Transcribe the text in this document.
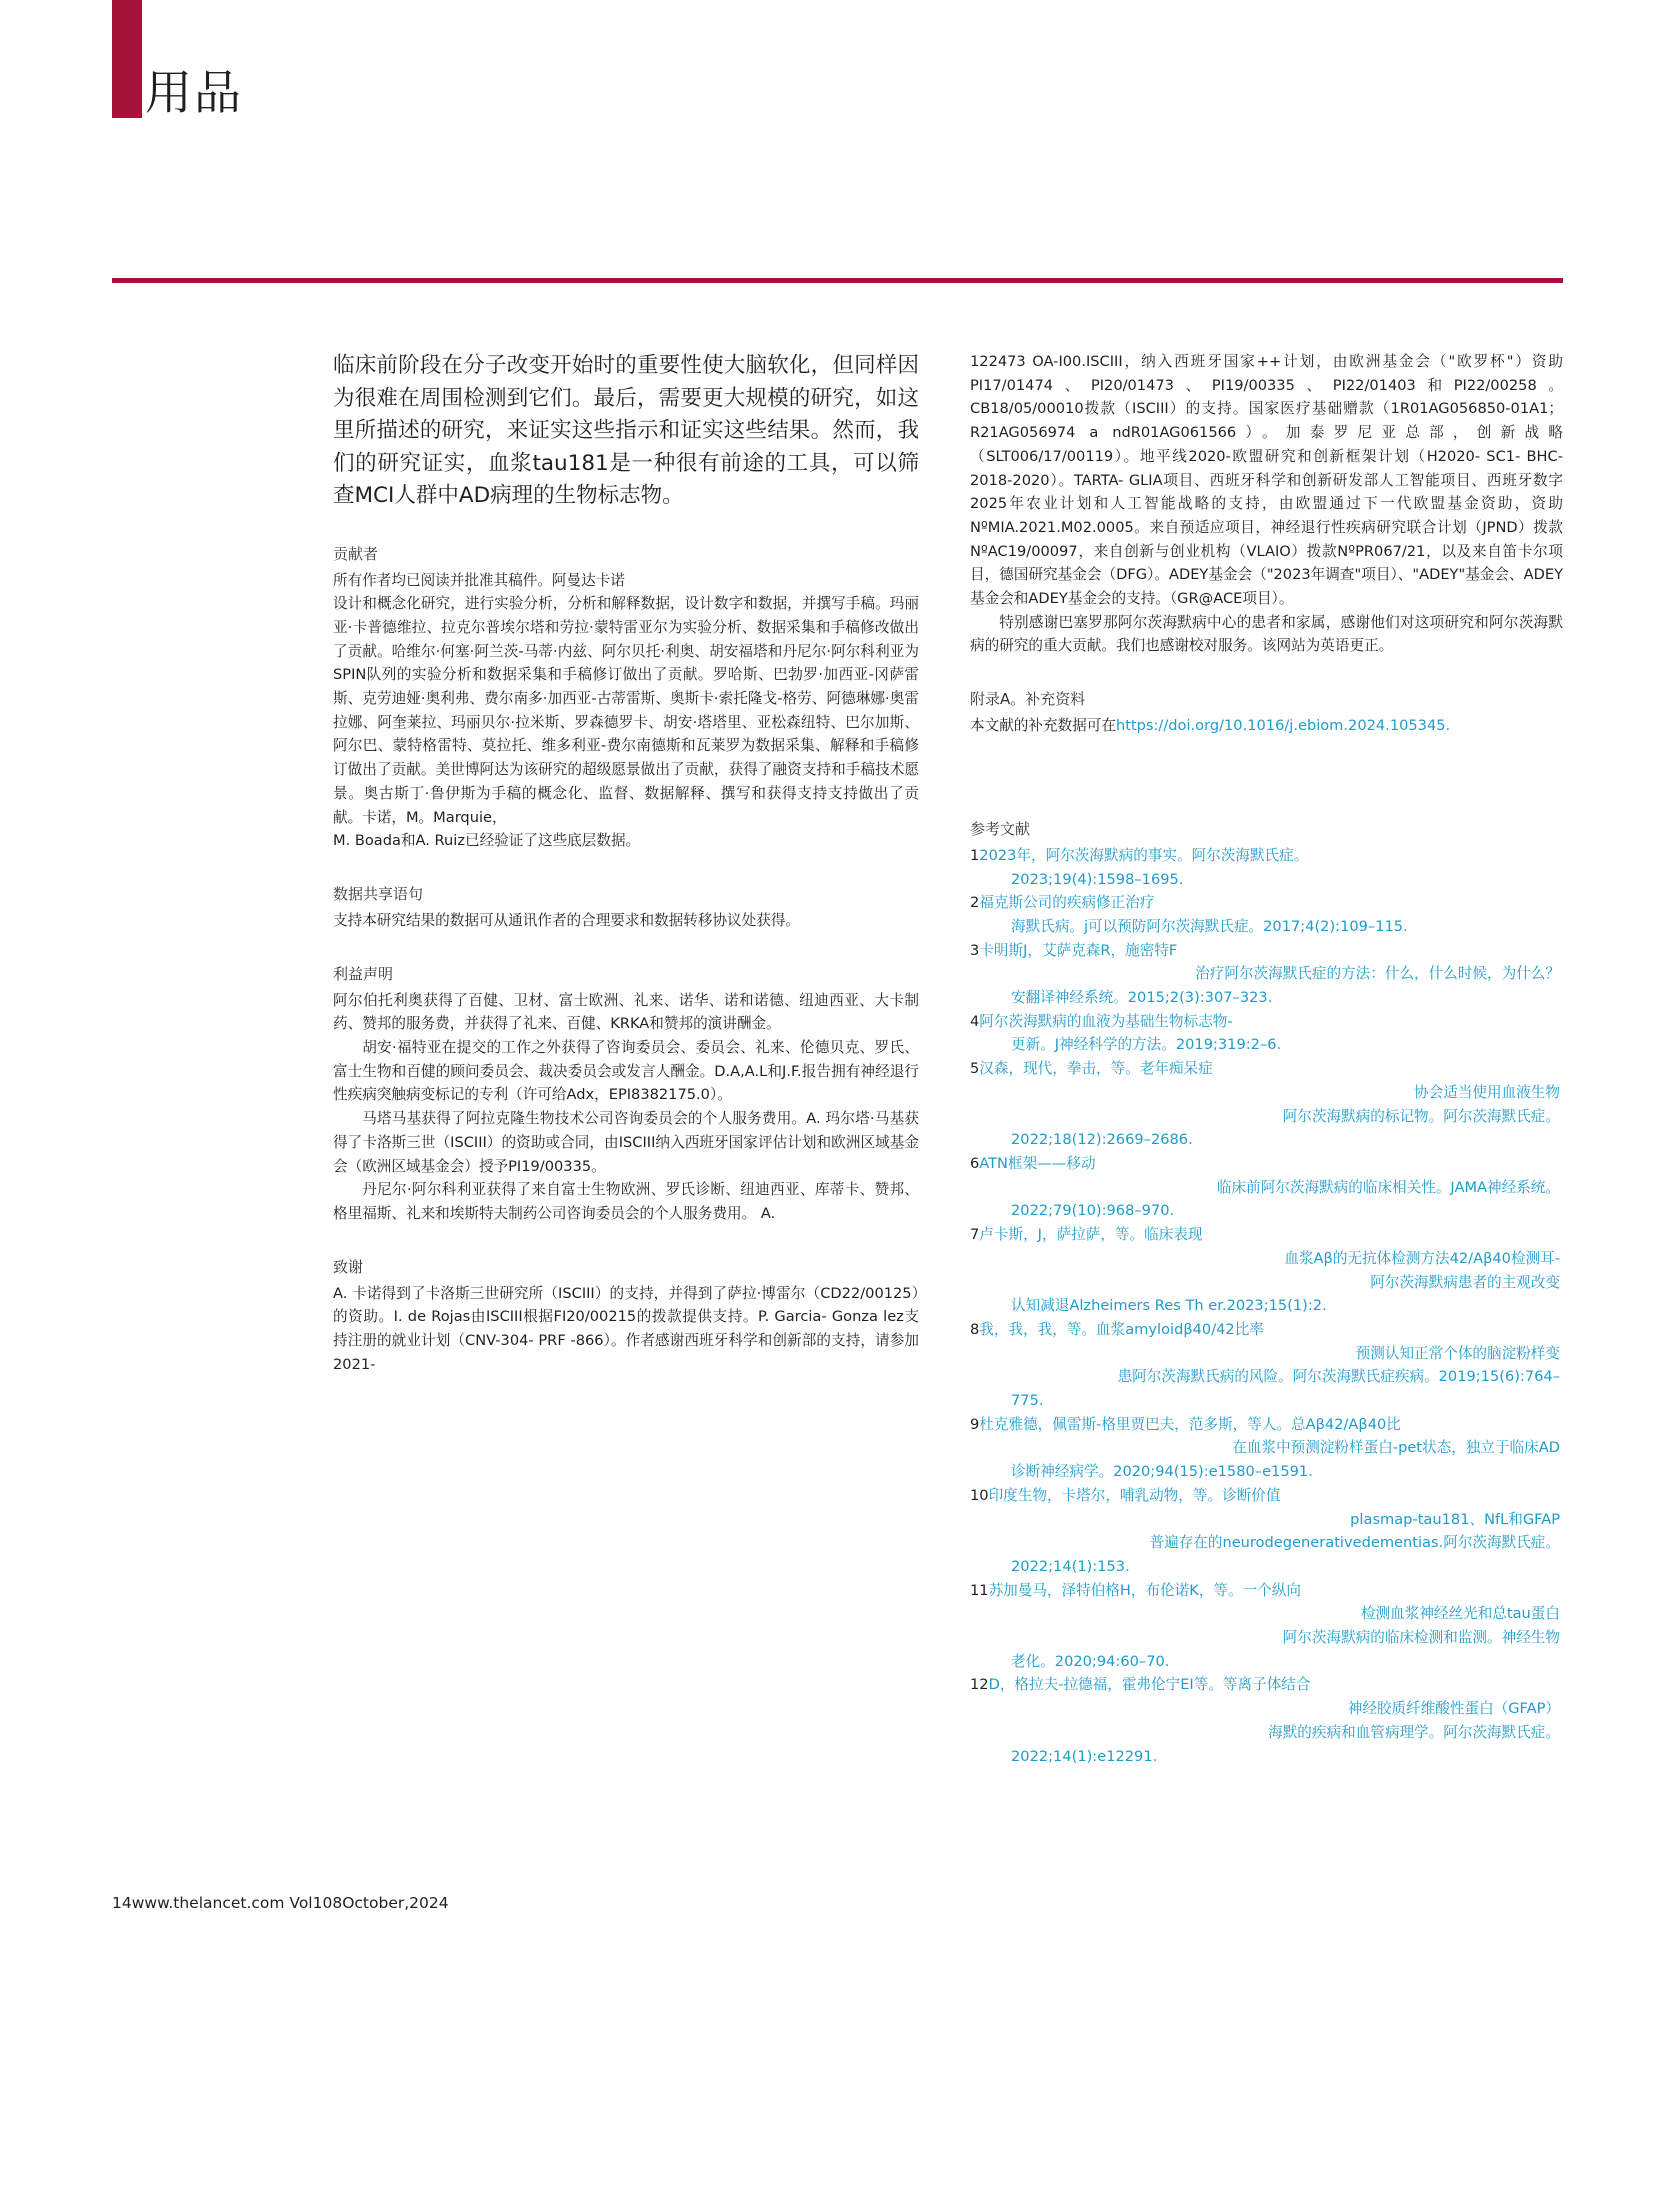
用品

临床前阶段在分子改变开始时的重要性使大脑软化，但同样因为很难在周围检测到它们。最后，需要更大规模的研究，如这里所描述的研究，来证实这些指示和证实这些结果。然而，我们的研究证实，血浆tau181是一种很有前途的工具，可以筛查MCI人群中AD病理的生物标志物。

贡献者

所有作者均已阅读并批准其稿件。阿曼达卡诺

设计和概念化研究，进行实验分析，分析和解释数据，设计数字和数据，并撰写手稿。玛丽亚·卡普德维拉、拉克尔普埃尔塔和劳拉·蒙特雷亚尔为实验分析、数据采集和手稿修改做出了贡献。哈维尔·何塞·阿兰茨-马蒂·内兹、阿尔贝托·利奥、胡安福塔和丹尼尔·阿尔科利亚为SPIN队列的实验分析和数据采集和手稿修订做出了贡献。罗哈斯、巴勃罗·加西亚-冈萨雷斯、克劳迪娅·奥利弗、费尔南多·加西亚-古蒂雷斯、奥斯卡·索托隆戈-格劳、阿德琳娜·奥雷拉娜、阿奎莱拉、玛丽贝尔·拉米斯、罗森德罗卡、胡安·塔塔里、亚松森纽特、巴尔加斯、阿尔巴、蒙特格雷特、莫拉托、维多利亚-费尔南德斯和瓦莱罗为数据采集、解释和手稿修订做出了贡献。美世博阿达为该研究的超级愿景做出了贡献，获得了融资支持和手稿技术愿景。奥古斯丁·鲁伊斯为手稿的概念化、监督、数据解释、撰写和获得支持支持做出了贡献。卡诺，M。Marquie，

M. Boada和A. Ruiz已经验证了这些底层数据。

数据共享语句
支持本研究结果的数据可从通讯作者的合理要求和数据转移协议处获得。
利益声明

阿尔伯托利奥获得了百健、卫材、富士欧洲、礼来、诺华、诺和诺德、纽迪西亚、大卡制药、赞邦的服务费，并获得了礼来、百健、KRKA和赞邦的演讲酬金。

胡安·福特亚在提交的工作之外获得了咨询委员会、委员会、礼来、伦德贝克、罗氏、富士生物和百健的顾问委员会、裁决委员会或发言人酬金。D.A,A.L和J.F.报告拥有神经退行性疾病突触病变标记的专利（许可给Adx，EPI8382175.0）。

马塔马基获得了阿拉克隆生物技术公司咨询委员会的个人服务费用。A. 玛尔塔·马基获得了卡洛斯三世（ISCIII）的资助或合同，由ISCIII纳入西班牙国家评估计划和欧洲区域基金会（欧洲区域基金会）授予PI19/00335。

丹尼尔·阿尔科利亚获得了来自富士生物欧洲、罗氏诊断、纽迪西亚、库蒂卡、赞邦、格里福斯、礼来和埃斯特夫制药公司咨询委员会的个人服务费用。 A.

致谢
A. 卡诺得到了卡洛斯三世研究所（ISCIII）的支持，并得到了萨拉·博雷尔（CD22/00125）的资助。I. de Rojas由ISCIII根据FI20/00215的拨款提供支持。P. Garcia- Gonza lez支持注册的就业计划（CNV-304- PRF -866）。作者感谢西班牙科学和创新部的支持，请参加2021-
122473 OA-I00.ISCIII，纳入西班牙国家++计划，由欧洲基金会（"欧罗杯"）资助PI17/01474、PI20/01473、PI19/00335、PI22/01403和PI22/00258。CB18/05/00010拨款（ISCIII）的支持。国家医疗基础赠款（1R01AG056850-01A1；R21AG056974 a ndR01AG061566）。加泰罗尼亚总部，创新战略（SLT006/17/00119）。地平线2020-欧盟研究和创新框架计划（H2020- SC1- BHC-2018-2020）。TARTA- GLIA项目、西班牙科学和创新研发部人工智能项目、西班牙数字2025年农业计划和人工智能战略的支持，由欧盟通过下一代欧盟基金资助，资助NºMIA.2021.M02.0005。来自预适应项目，神经退行性疾病研究联合计划（JPND）拨款NºAC19/00097，来自创新与创业机构（VLAIO）拨款NºPR067/21，以及来自笛卡尔项目，德国研究基金会（DFG）。ADEY基金会（"2023年调查"项目）、"ADEY"基金会、ADEY基金会和ADEY基金会的支持。（GR@ACE项目）。
特别感谢巴塞罗那阿尔茨海默病中心的患者和家属，感谢他们对这项研究和阿尔茨海默病的研究的重大贡献。我们也感谢校对服务。该网站为英语更正。
附录A。补充资料
本文献的补充数据可在https://doi.org/10.1016/j.ebiom.2024.105345.
参考文献
12023年，阿尔茨海默病的事实。阿尔茨海默氏症。
2023;19(4):1598–1695.
2福克斯公司的疾病修正治疗
海默氏病。j可以预防阿尔茨海默氏症。2017;4(2):109–115.
3卡明斯J，艾萨克森R，施密特F
治疗阿尔茨海默氏症的方法：什么，什么时候，为什么？
安翻译神经系统。2015;2(3):307–323.
4阿尔茨海默病的血液为基础生物标志物-
更新。J神经科学的方法。2019;319:2–6.
5汉森，现代，拳击，等。老年痴呆症
协会适当使用血液生物
阿尔茨海默病的标记物。阿尔茨海默氏症。
2022;18(12):2669–2686.
6ATN框架——移动
临床前阿尔茨海默病的临床相关性。JAMA神经系统。
2022;79(10):968–970.
7卢卡斯，J，萨拉萨，等。临床表现
血浆Aβ的无抗体检测方法42/Aβ40检测耳-
阿尔茨海默病患者的主观改变
认知减退Alzheimers Res Th er.2023;15(1):2.
8我，我，我，等。血浆amyloidβ40/42比率
预测认知正常个体的脑淀粉样变
患阿尔茨海默氏病的风险。阿尔茨海默氏症疾病。2019;15(6):764–
775.
9杜克雅德，佩雷斯-格里贾巴夫，范多斯，等人。总Aβ42/Aβ40比
在血浆中预测淀粉样蛋白-pet状态，独立于临床AD
诊断神经病学。2020;94(15):e1580–e1591.
10印度生物，卡塔尔，哺乳动物，等。诊断价值
plasmap-tau181、NfL和GFAP
普遍存在的neurodegenerativedementias.阿尔茨海默氏症。
2022;14(1):153.
11苏加曼马，泽特伯格H，布伦诺K，等。一个纵向
检测血浆神经丝光和总tau蛋白
阿尔茨海默病的临床检测和监测。神经生物
老化。2020;94:60–70.
12D，格拉夫-拉德福，霍弗伦宁EI等。等离子体结合
神经胶质纤维酸性蛋白（GFAP）
海默的疾病和血管病理学。阿尔茨海默氏症。
2022;14(1):e12291.
14www.thelancet.com Vol108October,2024
